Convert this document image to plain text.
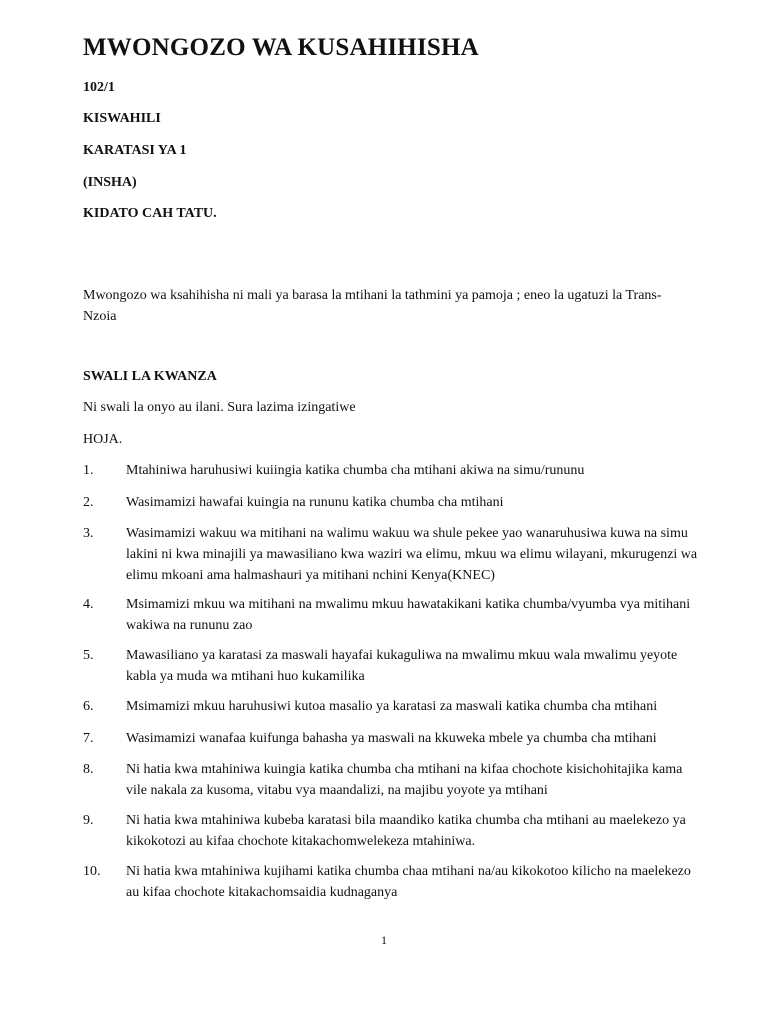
MWONGOZO WA KUSAHIHISHA

102/1

KISWAHILI

KARATASI YA 1

(INSHA)

KIDATO CAH TATU.

Mwongozo wa ksahihisha ni mali ya barasa la mtihani la tathmini ya pamoja ; eneo la ugatuzi la Trans- Nzoia

SWALI LA KWANZA

Ni swali la onyo au ilani. Sura lazima izingatiwe

HOJA.

1.	Mtahiniwa haruhusiwi kuiingia katika chumba cha mtihani akiwa na simu/rununu
2.	Wasimamizi hawafai kuingia na rununu katika chumba cha mtihani
3.	Wasimamizi wakuu wa mitihani na walimu wakuu wa shule pekee yao wanaruhusiwa kuwa na simu lakini ni kwa minajili ya mawasiliano kwa waziri wa elimu, mkuu wa elimu wilayani, mkurugenzi wa elimu mkoani ama halmashauri ya mitihani nchini Kenya(KNEC)
4.	Msimamizi mkuu wa mitihani na mwalimu mkuu hawatakikani katika chumba/vyumba vya mitihani wakiwa na rununu zao
5.	Mawasiliano ya karatasi za maswali hayafai kukaguliwa na mwalimu mkuu wala mwalimu yeyote kabla ya muda wa mtihani huo kukamilika
6.	Msimamizi mkuu haruhusiwi kutoa masalio ya karatasi za maswali katika chumba cha mtihani
7.	Wasimamizi wanafaa kuifunga bahasha ya maswali na kkuweka mbele ya chumba cha mtihani
8.	Ni hatia kwa mtahiniwa kuingia katika chumba cha mtihani na kifaa chochote kisichohitajika kama vile nakala za kusoma, vitabu vya maandalizi, na majibu yoyote ya mtihani
9.	Ni hatia kwa mtahiniwa kubeba karatasi bila maandiko katika chumba cha mtihani au maelekezo ya kikokotozi au kifaa chochote kitakachomwelekeza mtahiniwa.
10.	Ni hatia kwa mtahiniwa kujihami katika chumba chaa mtihani na/au kikokotoo kilicho na maelekezo au kifaa chochote kitakachomsaidia kudnaganya
1
